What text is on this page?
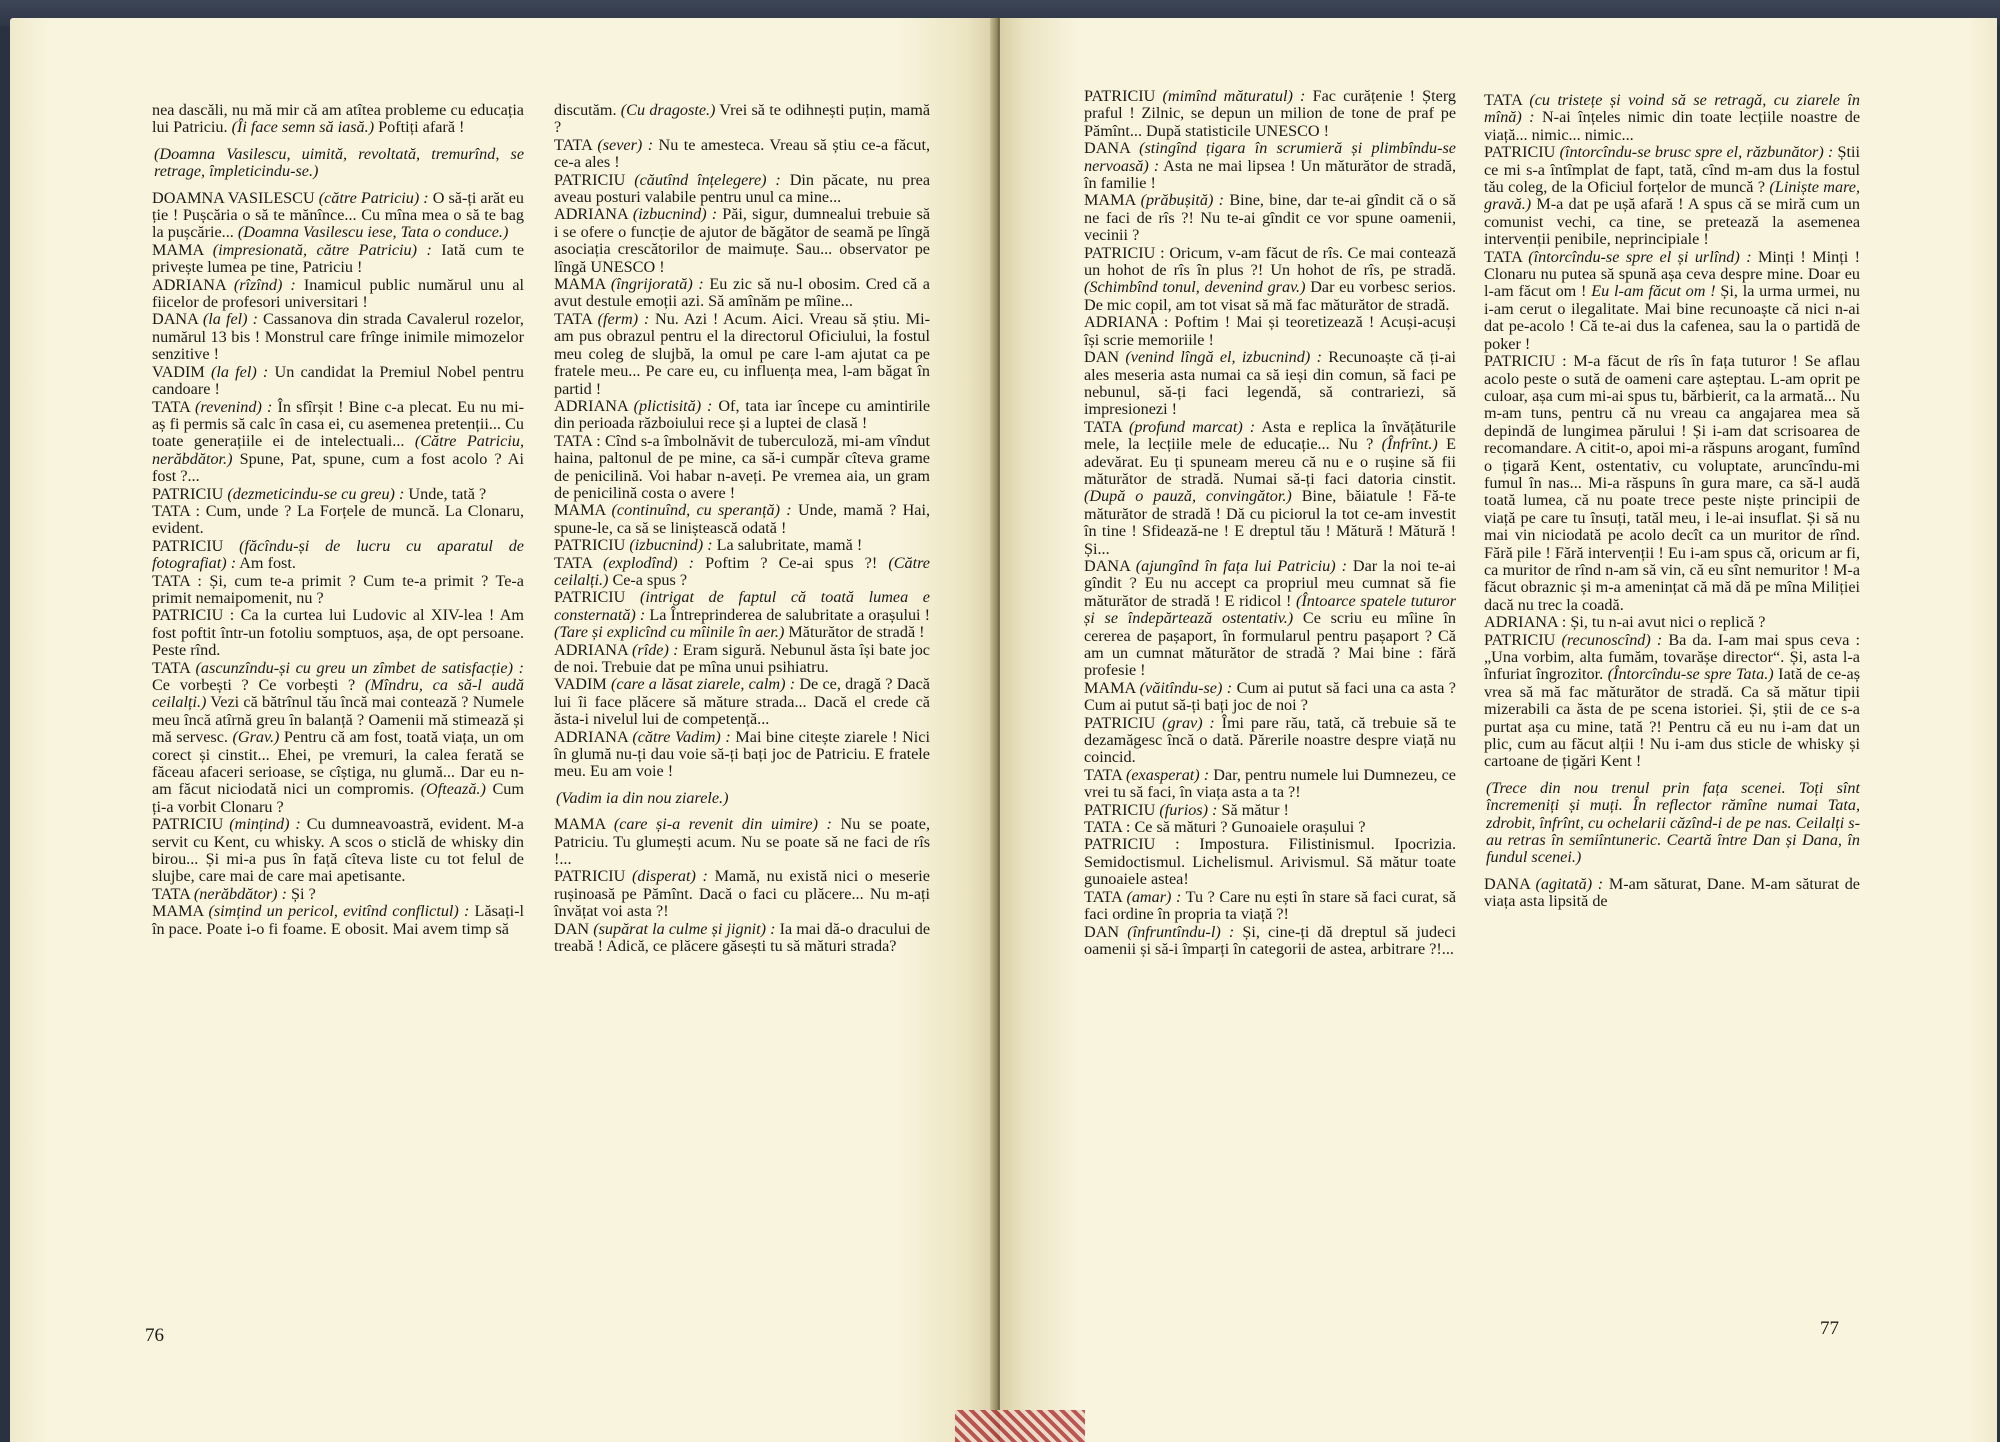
nea dascăli, nu mă mir că am atîtea probleme cu educația lui Patriciu. (Îi face semn să iasă.) Poftiți afară !

(Doamna Vasilescu, uimită, revoltată, tremurînd, se retrage, împleticindu-se.)

DOAMNA VASILESCU (către Patriciu) : O să-ți arăt eu ție ! Pușcăria o să te mănînce... Cu mîna mea o să te bag la pușcărie... (Doamna Vasilescu iese, Tata o conduce.)

MAMA (impresionată, către Patriciu) : Iată cum te privește lumea pe tine, Patriciu !

ADRIANA (rîzînd) : Inamicul public numărul unu al fiicelor de profesori universitari !

DANA (la fel) : Cassanova din strada Cavalerul rozelor, numărul 13 bis ! Monstrul care frînge inimile mimozelor senzitive !

VADIM (la fel) : Un candidat la Premiul Nobel pentru candoare !

TATA (revenind) : În sfîrșit ! Bine c-a plecat. Eu nu mi-aș fi permis să calc în casa ei, cu asemenea pretenții... Cu toate generațiile ei de intelectuali... (Către Patriciu, nerăbdător.) Spune, Pat, spune, cum a fost acolo ? Ai fost ?...

PATRICIU (dezmeticindu-se cu greu) : Unde, tată ?

TATA : Cum, unde ? La Forțele de muncă. La Clonaru, evident.

PATRICIU (făcîndu-și de lucru cu aparatul de fotografiat) : Am fost.

TATA : Și, cum te-a primit ? Cum te-a primit ? Te-a primit nemaipomenit, nu ?

PATRICIU : Ca la curtea lui Ludovic al XIV-lea ! Am fost poftit într-un fotoliu somptuos, așa, de opt persoane. Peste rînd.

TATA (ascunzîndu-și cu greu un zîmbet de satisfacție) : Ce vorbești ? Ce vorbești ? (Mîndru, ca să-l audă ceilalți.) Vezi că bătrînul tău încă mai contează ? Numele meu încă atîrnă greu în balanță ? Oamenii mă stimează și mă servesc. (Grav.) Pentru că am fost, toată viața, un om corect și cinstit... Ehei, pe vremuri, la calea ferată se făceau afaceri serioase, se cîștiga, nu glumă... Dar eu n-am făcut niciodată nici un compromis. (Oftează.) Cum ți-a vorbit Clonaru ?

PATRICIU (mințind) : Cu dumneavoastră, evident. M-a servit cu Kent, cu whisky. A scos o sticlă de whisky din birou... Și mi-a pus în față cîteva liste cu tot felul de slujbe, care mai de care mai apetisante.

TATA (nerăbdător) : Și ?

MAMA (simțind un pericol, evitînd conflictul) : Lăsați-l în pace. Poate i-o fi foame. E obosit. Mai avem timp să

discutăm. (Cu dragoste.) Vrei să te odihnești puțin, mamă ?

TATA (sever) : Nu te amesteca. Vreau să știu ce-a făcut, ce-a ales !

PATRICIU (căutînd înțelegere) : Din păcate, nu prea aveau posturi valabile pentru unul ca mine...

ADRIANA (izbucnind) : Păi, sigur, dumnealui trebuie să i se ofere o funcție de ajutor de băgător de seamă pe lîngă asociația crescătorilor de maimuțe. Sau... observator pe lîngă UNESCO !

MAMA (îngrijorată) : Eu zic să nu-l obosim. Cred că a avut destule emoții azi. Să amînăm pe mîine...

TATA (ferm) : Nu. Azi ! Acum. Aici. Vreau să știu. Mi-am pus obrazul pentru el la directorul Oficiului, la fostul meu coleg de slujbă, la omul pe care l-am ajutat ca pe fratele meu... Pe care eu, cu influența mea, l-am băgat în partid !

ADRIANA (plictisită) : Of, tata iar începe cu amintirile din perioada războiului rece și a luptei de clasă !

TATA : Cînd s-a îmbolnăvit de tuberculoză, mi-am vîndut haina, paltonul de pe mine, ca să-i cumpăr cîteva grame de penicilină. Voi habar n-aveți. Pe vremea aia, un gram de penicilină costa o avere !

MAMA (continuînd, cu speranță) : Unde, mamă ? Hai, spune-le, ca să se liniștească odată !

PATRICIU (izbucnind) : La salubritate, mamă !

TATA (explodînd) : Poftim ? Ce-ai spus ?! (Către ceilalți.) Ce-a spus ?

PATRICIU (intrigat de faptul că toată lumea e consternată) : La Întreprinderea de salubritate a orașului ! (Tare și explicînd cu mîinile în aer.) Măturător de stradă !

ADRIANA (rîde) : Eram sigură. Nebunul ăsta își bate joc de noi. Trebuie dat pe mîna unui psihiatru.

VADIM (care a lăsat ziarele, calm) : De ce, dragă ? Dacă lui îi face plăcere să măture strada... Dacă el crede că ăsta-i nivelul lui de competență...

ADRIANA (către Vadim) : Mai bine citește ziarele ! Nici în glumă nu-ți dau voie să-ți bați joc de Patriciu. E fratele meu. Eu am voie !

(Vadim ia din nou ziarele.)

MAMA (care și-a revenit din uimire) : Nu se poate, Patriciu. Tu glumești acum. Nu se poate să ne faci de rîs !...

PATRICIU (disperat) : Mamă, nu există nici o meserie rușinoasă pe Pămînt. Dacă o faci cu plăcere... Nu m-ați învățat voi asta ?!

DAN (supărat la culme și jignit) : Ia mai dă-o dracului de treabă ! Adică, ce plăcere găsești tu să mături strada?

76

PATRICIU (mimînd măturatul) : Fac curățenie ! Șterg praful ! Zilnic, se depun un milion de tone de praf pe Pămînt... După statisticile UNESCO !

DANA (stingînd țigara în scrumieră și plimbîndu-se nervoasă) : Asta ne mai lipsea ! Un măturător de stradă, în familie !

MAMA (prăbușită) : Bine, bine, dar te-ai gîndit că o să ne faci de rîs ?! Nu te-ai gîndit ce vor spune oamenii, vecinii ?

PATRICIU : Oricum, v-am făcut de rîs. Ce mai contează un hohot de rîs în plus ?! Un hohot de rîs, pe stradă. (Schimbînd tonul, devenind grav.) Dar eu vorbesc serios. De mic copil, am tot visat să mă fac măturător de stradă.

ADRIANA : Poftim ! Mai și teoretizează ! Acuși-acuși își scrie memoriile !

DAN (venind lîngă el, izbucnind) : Recunoaște că ți-ai ales meseria asta numai ca să ieși din comun, să faci pe nebunul, să-ți faci legendă, să contrariezi, să impresionezi !

TATA (profund marcat) : Asta e replica la învățăturile mele, la lecțiile mele de educație... Nu ? (Înfrînt.) E adevărat. Eu ți spuneam mereu că nu e o rușine să fii măturător de stradă. Numai să-ți faci datoria cinstit. (După o pauză, convingător.) Bine, băiatule ! Fă-te măturător de stradă ! Dă cu piciorul la tot ce-am investit în tine ! Sfidează-ne ! E dreptul tău ! Mătură ! Mătură ! Și...

DANA (ajungînd în fața lui Patriciu) : Dar la noi te-ai gîndit ? Eu nu accept ca propriul meu cumnat să fie măturător de stradă ! E ridicol ! (Întoarce spatele tuturor și se îndepărtează ostentativ.) Ce scriu eu mîine în cererea de pașaport, în formularul pentru pașaport ? Că am un cumnat măturător de stradă ? Mai bine : fără profesie !

MAMA (văitîndu-se) : Cum ai putut să faci una ca asta ? Cum ai putut să-ți bați joc de noi ?

PATRICIU (grav) : Îmi pare rău, tată, că trebuie să te dezamăgesc încă o dată. Părerile noastre despre viață nu coincid.

TATA (exasperat) : Dar, pentru numele lui Dumnezeu, ce vrei tu să faci, în viața asta a ta ?!

PATRICIU (furios) : Să mătur !

TATA : Ce să mături ? Gunoaiele orașului ?

PATRICIU : Impostura. Filistinismul. Ipocrizia. Semidoctismul. Lichelismul. Arivismul. Să mătur toate gunoaiele astea!

TATA (amar) : Tu ? Care nu ești în stare să faci curat, să faci ordine în propria ta viață ?!

DAN (înfruntîndu-l) : Și, cine-ți dă dreptul să judeci oamenii și să-i împarți în categorii de astea, arbitrare ?!...

TATA (cu tristețe și voind să se retragă, cu ziarele în mînă) : N-ai înțeles nimic din toate lecțiile noastre de viață... nimic... nimic...

PATRICIU (întorcîndu-se brusc spre el, răzbunător) : Știi ce mi s-a întîmplat de fapt, tată, cînd m-am dus la fostul tău coleg, de la Oficiul forțelor de muncă ? (Liniște mare, gravă.) M-a dat pe ușă afară ! A spus că se miră cum un comunist vechi, ca tine, se pretează la asemenea intervenții penibile, neprincipiale !

TATA (întorcîndu-se spre el și urlînd) : Minți ! Minți ! Clonaru nu putea să spună așa ceva despre mine. Doar eu l-am făcut om ! Eu l-am făcut om ! Și, la urma urmei, nu i-am cerut o ilegalitate. Mai bine recunoaște că nici n-ai dat pe-acolo ! Că te-ai dus la cafenea, sau la o partidă de poker !

PATRICIU : M-a făcut de rîs în fața tuturor ! Se aflau acolo peste o sută de oameni care așteptau. L-am oprit pe culoar, așa cum mi-ai spus tu, bărbierit, ca la armată... Nu m-am tuns, pentru că nu vreau ca angajarea mea să depindă de lungimea părului ! Și i-am dat scrisoarea de recomandare. A citit-o, apoi mi-a răspuns arogant, fumînd o țigară Kent, ostentativ, cu voluptate, aruncîndu-mi fumul în nas... Mi-a răspuns în gura mare, ca să-l audă toată lumea, că nu poate trece peste niște principii de viață pe care tu însuți, tatăl meu, i le-ai insuflat. Și să nu mai vin niciodată pe acolo decît ca un muritor de rînd. Fără pile ! Fără intervenții ! Eu i-am spus că, oricum ar fi, ca muritor de rînd n-am să vin, că eu sînt nemuritor ! M-a făcut obraznic și m-a amenințat că mă dă pe mîna Miliției dacă nu trec la coadă.

ADRIANA : Și, tu n-ai avut nici o replică ?

PATRICIU (recunoscînd) : Ba da. I-am mai spus ceva : „Una vorbim, alta fumăm, tovarășe director“. Și, asta l-a înfuriat îngrozitor. (Întorcîndu-se spre Tata.) Iată de ce-aș vrea să mă fac măturător de stradă. Ca să mătur tipii mizerabili ca ăsta de pe scena istoriei. Și, știi de ce s-a purtat așa cu mine, tată ?! Pentru că eu nu i-am dat un plic, cum au făcut alții ! Nu i-am dus sticle de whisky și cartoane de țigări Kent !

(Trece din nou trenul prin fața scenei. Toți sînt încremeniți și muți. În reflector rămîne numai Tata, zdrobit, înfrînt, cu ochelarii căzînd-i de pe nas. Ceilalți s-au retras în semiîntuneric. Ceartă între Dan și Dana, în fundul scenei.)

DANA (agitată) : M-am săturat, Dane. M-am săturat de viața asta lipsită de

77
